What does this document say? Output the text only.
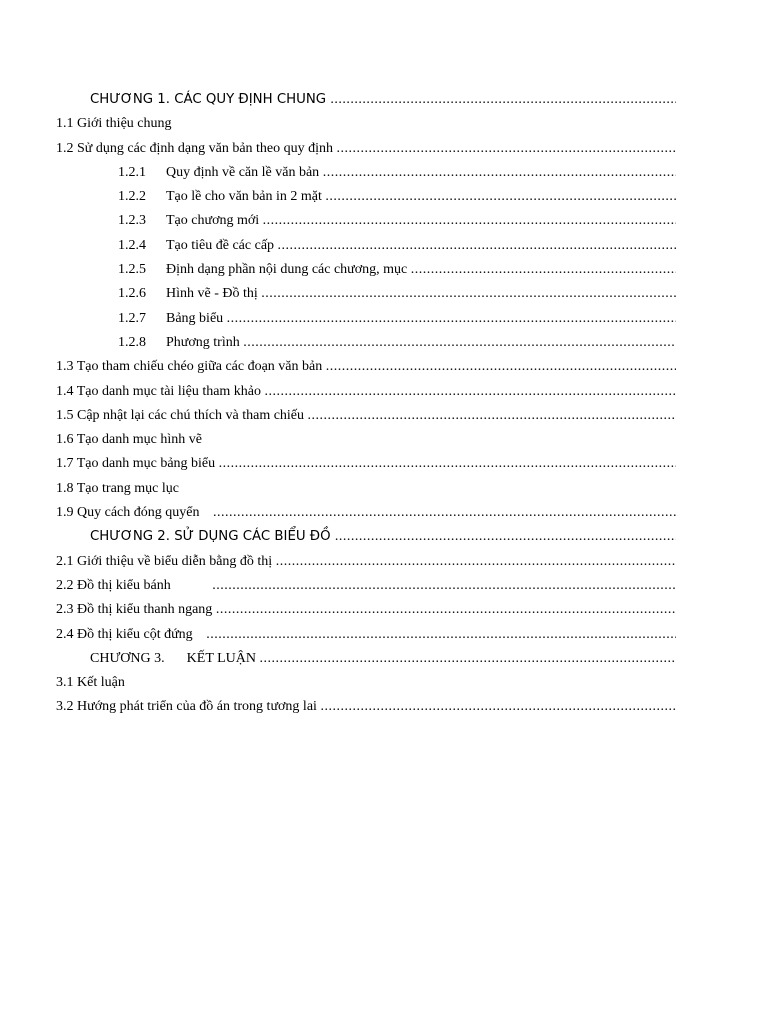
CHƯƠNG 1. CÁC QUY ĐỊNH CHUNG .....
1.1 Giới thiệu chung
1.2 Sử dụng các định dạng văn bản theo quy định .....
1.2.1 Quy định về căn lề văn bản .....
1.2.2 Tạo lề cho văn bản in 2 mặt .....
1.2.3 Tạo chương mới .....
1.2.4 Tạo tiêu đề các cấp .....
1.2.5 Định dạng phần nội dung các chương, mục .....
1.2.6 Hình vẽ - Đồ thị .....
1.2.7 Bảng biểu .....
1.2.8 Phương trình .....
1.3 Tạo tham chiếu chéo giữa các đoạn văn bản .....
1.4 Tạo danh mục tài liệu tham khảo .....
1.5 Cập nhật lại các chú thích và tham chiếu .....
1.6 Tạo danh mục hình vẽ
1.7 Tạo danh mục bảng biểu .....
1.8 Tạo trang mục lục
1.9 Quy cách đóng quyển .....
CHƯƠNG 2. SỬ DỤNG CÁC BIỂU ĐỒ .....
2.1 Giới thiệu về biểu diễn bằng đồ thị .....
2.2 Đồ thị kiểu bánh .....
2.3 Đồ thị kiểu thanh ngang .....
2.4 Đồ thị kiểu cột đứng .....
CHƯƠNG 3. KẾT LUẬN .....
3.1 Kết luận
3.2 Hướng phát triển của đồ án trong tương lai .....
